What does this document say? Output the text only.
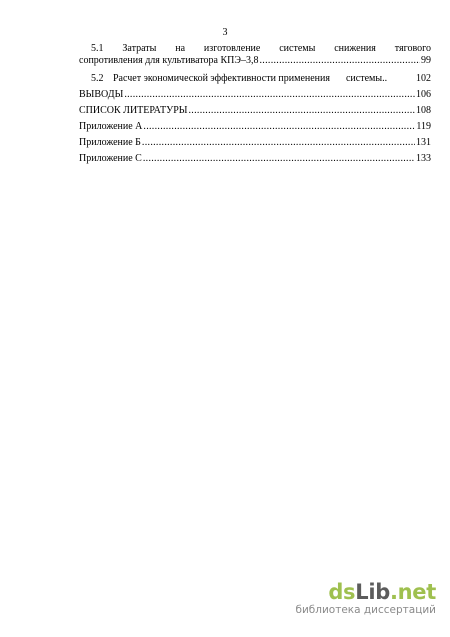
3
5.1 Затраты на изготовление системы снижения тягового
сопротивления для культиватора КПЭ–3,8 .....	99
5.2 Расчет экономической эффективности применения системы..	102
ВЫВОДЫ .....	106
СПИСОК ЛИТЕРАТУРЫ .....	108
Приложение А .....	119
Приложение Б .....	131
Приложение С .....	133
dsLib.net
библиотека диссертаций
